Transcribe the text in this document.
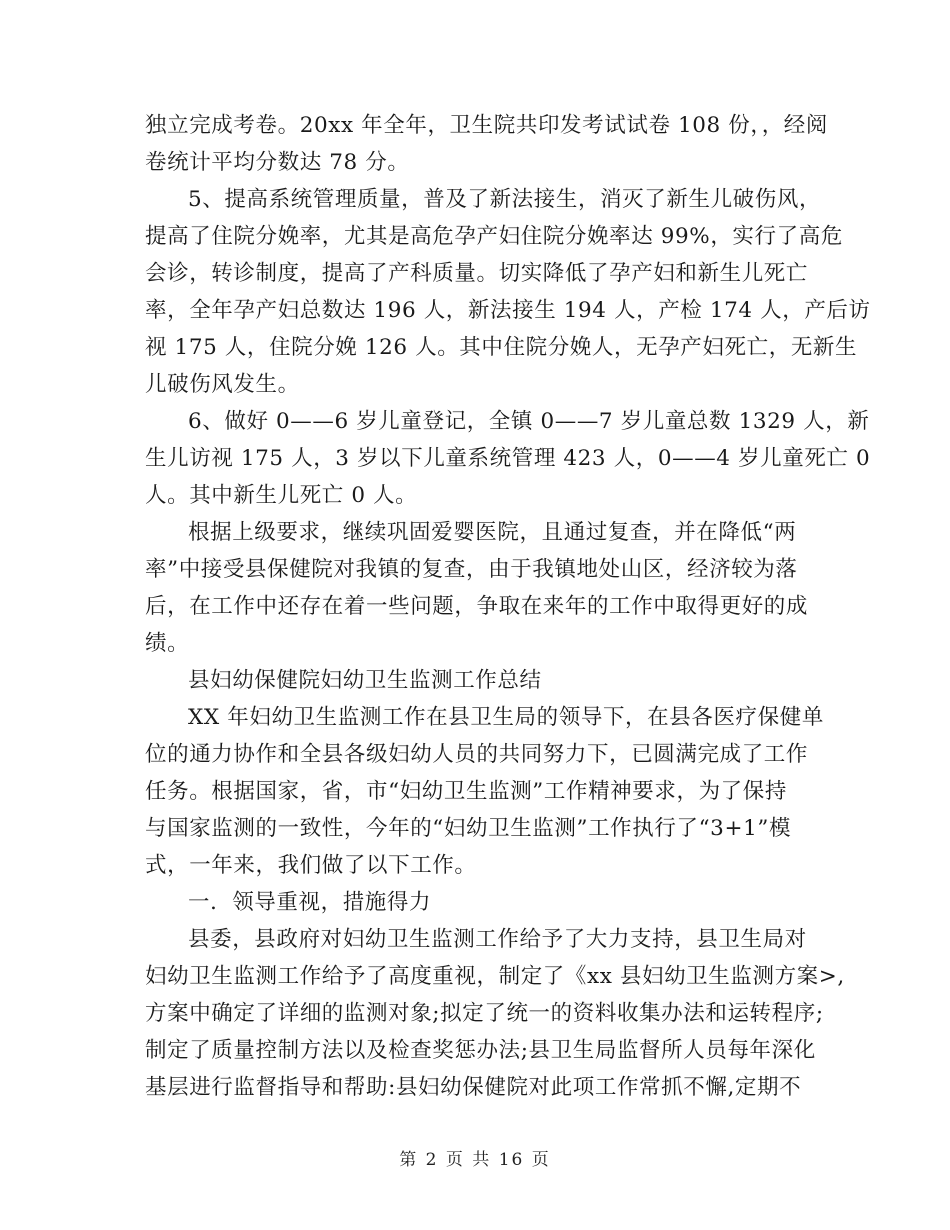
独立完成考卷。20xx 年全年，卫生院共印发考试试卷 108 份，，经阅
卷统计平均分数达 78 分。
5、提高系统管理质量，普及了新法接生，消灭了新生儿破伤风，
提高了住院分娩率，尤其是高危孕产妇住院分娩率达 99%，实行了高危
会诊，转诊制度，提高了产科质量。切实降低了孕产妇和新生儿死亡
率，全年孕产妇总数达 196 人，新法接生 194 人，产检 174 人，产后访
视 175 人，住院分娩 126 人。其中住院分娩人，无孕产妇死亡，无新生
儿破伤风发生。
6、做好 0——6 岁儿童登记，全镇 0——7 岁儿童总数 1329 人，新
生儿访视 175 人，3 岁以下儿童系统管理 423 人，0——4 岁儿童死亡 0
人。其中新生儿死亡 0 人。
根据上级要求，继续巩固爱婴医院，且通过复查，并在降低“两
率”中接受县保健院对我镇的复查，由于我镇地处山区，经济较为落
后，在工作中还存在着一些问题，争取在来年的工作中取得更好的成
绩。
县妇幼保健院妇幼卫生监测工作总结
XX 年妇幼卫生监测工作在县卫生局的领导下，在县各医疗保健单
位的通力协作和全县各级妇幼人员的共同努力下，已圆满完成了工作
任务。根据国家，省，市“妇幼卫生监测”工作精神要求，为了保持
与国家监测的一致性，今年的“妇幼卫生监测”工作执行了“3+1”模
式，一年来，我们做了以下工作。
一．领导重视，措施得力
县委，县政府对妇幼卫生监测工作给予了大力支持，县卫生局对
妇幼卫生监测工作给予了高度重视，制定了《xx 县妇幼卫生监测方案>,
方案中确定了详细的监测对象;拟定了统一的资料收集办法和运转程序;
制定了质量控制方法以及检查奖惩办法;县卫生局监督所人员每年深化
基层进行监督指导和帮助:县妇幼保健院对此项工作常抓不懈,定期不
第 2 页 共 16 页
